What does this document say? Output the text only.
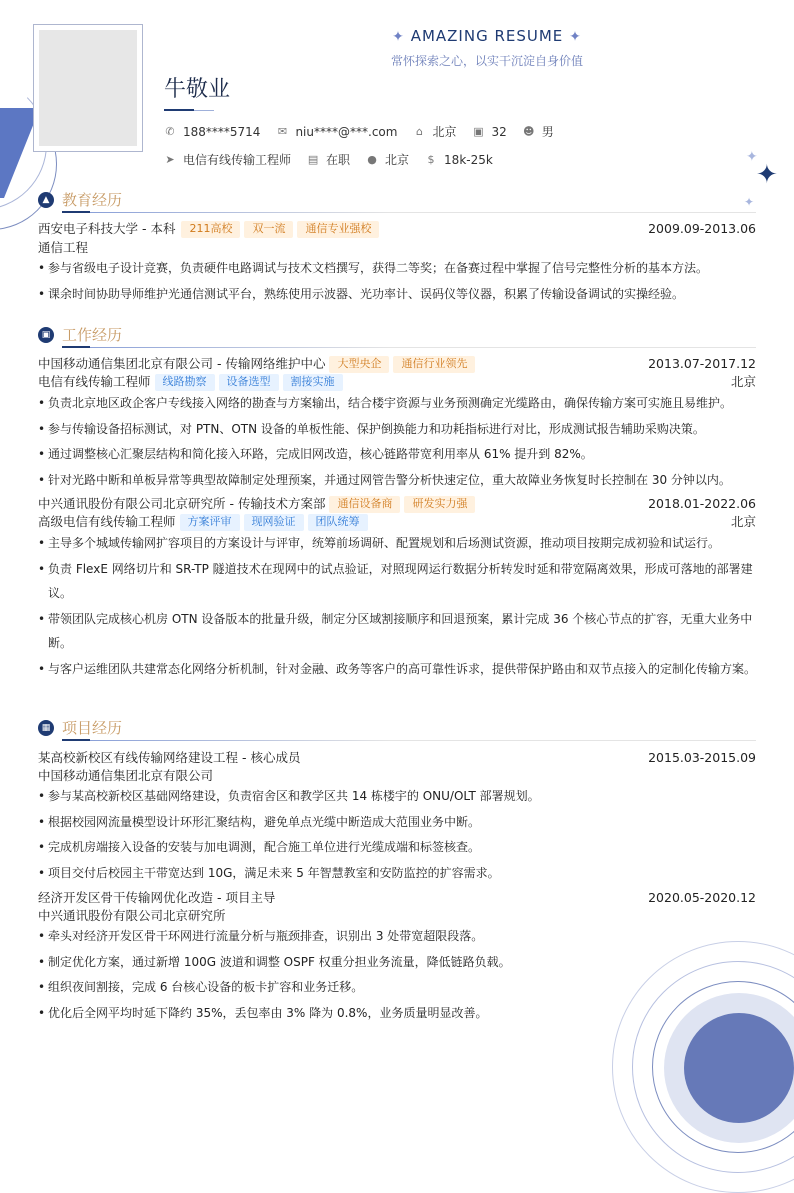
✦
✦
✦
✦ AMAZING RESUME ✦
常怀探索之心，以实干沉淀自身价值
牛敬业
✆ 188****5714 ✉ niu****@***.com ⌂ 北京 ▣ 32 ☻ 男
➤ 电信有线传输工程师 ▤ 在职 ● 北京 $ 18k-25k
▲ 教育经历
西安电子科技大学 - 本科	211高校	双一流	通信专业强校	2009.09-2013.06
通信工程
• 参与省级电子设计竞赛，负责硬件电路调试与技术文档撰写，获得二等奖；在备赛过程中掌握了信号完整性分析的基本方法。
• 课余时间协助导师维护光通信测试平台，熟练使用示波器、光功率计、误码仪等仪器，积累了传输设备调试的实操经验。
▣ 工作经历
中国移动通信集团北京有限公司 - 传输网络维护中心	大型央企	通信行业领先	2013.07-2017.12
电信有线传输工程师	线路勘察	设备选型	割接实施	北京
• 负责北京地区政企客户专线接入网络的勘查与方案输出，结合楼宇资源与业务预测确定光缆路由，确保传输方案可实施且易维护。
• 参与传输设备招标测试，对 PTN、OTN 设备的单板性能、保护倒换能力和功耗指标进行对比，形成测试报告辅助采购决策。
• 通过调整核心汇聚层结构和简化接入环路，完成旧网改造，核心链路带宽利用率从 61% 提升到 82%。
• 针对光路中断和单板异常等典型故障制定处理预案，并通过网管告警分析快速定位，重大故障业务恢复时长控制在 30 分钟以内。
中兴通讯股份有限公司北京研究所 - 传输技术方案部	通信设备商	研发实力强	2018.01-2022.06
高级电信有线传输工程师	方案评审	现网验证	团队统筹	北京
• 主导多个城域传输网扩容项目的方案设计与评审，统筹前场调研、配置规划和后场测试资源，推动项目按期完成初验和试运行。
• 负责 FlexE 网络切片和 SR-TP 隧道技术在现网中的试点验证，对照现网运行数据分析转发时延和带宽隔离效果，形成可落地的部署建议。
• 带领团队完成核心机房 OTN 设备版本的批量升级，制定分区域割接顺序和回退预案，累计完成 36 个核心节点的扩容，无重大业务中断。
• 与客户运维团队共建常态化网络分析机制，针对金融、政务等客户的高可靠性诉求，提供带保护路由和双节点接入的定制化传输方案。
▦ 项目经历
某高校新校区有线传输网络建设工程 - 核心成员	2015.03-2015.09
中国移动通信集团北京有限公司
• 参与某高校新校区基础网络建设，负责宿舍区和教学区共 14 栋楼宇的 ONU/OLT 部署规划。
• 根据校园网流量模型设计环形汇聚结构，避免单点光缆中断造成大范围业务中断。
• 完成机房端接入设备的安装与加电调测，配合施工单位进行光缆成端和标签核查。
• 项目交付后校园主干带宽达到 10G，满足未来 5 年智慧教室和安防监控的扩容需求。
经济开发区骨干传输网优化改造 - 项目主导	2020.05-2020.12
中兴通讯股份有限公司北京研究所
• 牵头对经济开发区骨干环网进行流量分析与瓶颈排查，识别出 3 处带宽超限段落。
• 制定优化方案，通过新增 100G 波道和调整 OSPF 权重分担业务流量，降低链路负载。
• 组织夜间割接，完成 6 台核心设备的板卡扩容和业务迁移。
• 优化后全网平均时延下降约 35%，丢包率由 3% 降为 0.8%，业务质量明显改善。
